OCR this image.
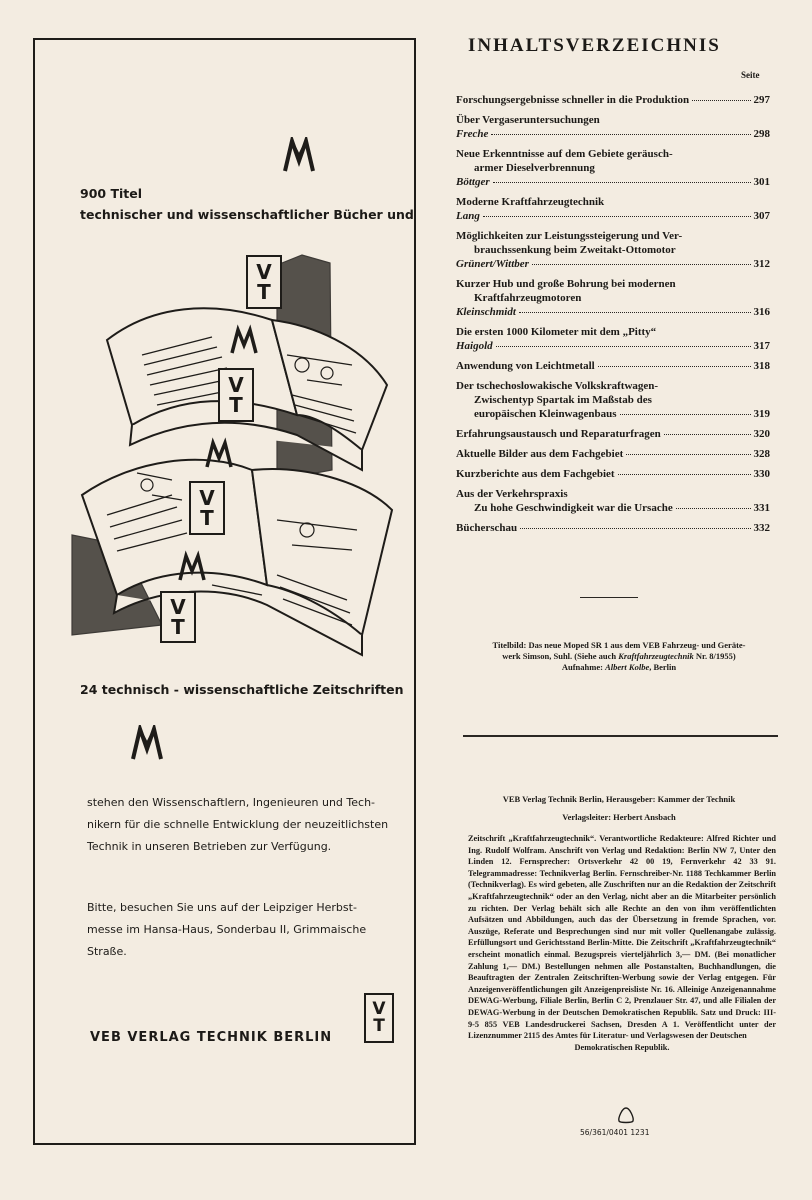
900 Titel
technischer und wissenschaftlicher Bücher und
V
T
V
T
V
T
V
T
24 technisch - wissenschaftliche Zeitschriften
stehen den Wissenschaftlern, Ingenieuren und Tech-
nikern für die schnelle Entwicklung der neuzeitlichsten
Technik in unseren Betrieben zur Verfügung.
Bitte, besuchen Sie uns auf der Leipziger Herbst-
messe im Hansa-Haus, Sonderbau II, Grimmaische
Straße.
VEB VERLAG TECHNIK BERLIN
V
T
INHALTSVERZEICHNIS
Seite
Forschungsergebnisse schneller in die Produktion	297
Über Vergaseruntersuchungen
Freche	298
Neue Erkenntnisse auf dem Gebiete geräusch-
armer Dieselverbrennung
Böttger	301
Moderne Kraftfahrzeugtechnik
Lang	307
Möglichkeiten zur Leistungssteigerung und Ver-
brauchssenkung beim Zweitakt-Ottomotor
Grünert/Wittber	312
Kurzer Hub und große Bohrung bei modernen
Kraftfahrzeugmotoren
Kleinschmidt	316
Die ersten 1000 Kilometer mit dem „Pitty“
Haigold	317
Anwendung von Leichtmetall	318
Der tschechoslowakische Volkskraftwagen-
Zwischentyp Spartak im Maßstab des
europäischen Kleinwagenbaus	319
Erfahrungsaustausch und Reparaturfragen	320
Aktuelle Bilder aus dem Fachgebiet	328
Kurzberichte aus dem Fachgebiet	330
Aus der Verkehrspraxis
Zu hohe Geschwindigkeit war die Ursache	331
Bücherschau	332
Titelbild: Das neue Moped SR 1 aus dem VEB Fahrzeug- und Geräte-
werk Simson, Suhl. (Siehe auch Kraftfahrzeugtechnik Nr. 8/1955)
Aufnahme: Albert Kolbe, Berlin
VEB Verlag Technik Berlin, Herausgeber: Kammer der Technik
Verlagsleiter: Herbert Ansbach
Zeitschrift „Kraftfahrzeugtechnik“. Verantwortliche Redakteure: Alfred Richter und Ing. Rudolf Wolfram. Anschrift von Verlag und Redaktion: Berlin NW 7, Unter den Linden 12. Fernsprecher: Ortsverkehr 42 00 19, Fernverkehr 42 33 91. Telegrammadresse: Technikverlag Berlin. Fernschreiber-Nr. 1188 Techkammer Berlin (Technikverlag). Es wird gebeten, alle Zuschriften nur an die Redaktion der Zeitschrift „Kraftfahrzeugtechnik“ oder an den Verlag, nicht aber an die Mitarbeiter persönlich zu richten. Der Verlag behält sich alle Rechte an den von ihm veröffentlichten Aufsätzen und Abbildungen, auch das der Übersetzung in fremde Sprachen, vor. Auszüge, Referate und Besprechungen sind nur mit voller Quellenangabe zulässig. Erfüllungsort und Gerichtsstand Berlin-Mitte. Die Zeitschrift „Kraftfahrzeugtechnik“ erscheint monatlich einmal. Bezugspreis vierteljährlich 3,— DM. (Bei monatlicher Zahlung 1,— DM.) Bestellungen nehmen alle Postanstalten, Buchhandlungen, die Beauftragten der Zentralen Zeitschriften-Werbung sowie der Verlag entgegen. Für Anzeigenveröffentlichungen gilt Anzeigenpreisliste Nr. 16. Alleinige Anzeigenannahme DEWAG-Werbung, Filiale Berlin, Berlin C 2, Prenzlauer Str. 47, und alle Filialen der DEWAG-Werbung in der Deutschen Demokratischen Republik. Satz und Druck: III-9-5 855 VEB Landesdruckerei Sachsen, Dresden A 1. Veröffentlicht unter der Lizenznummer 2115 des Amtes für Literatur- und Verlagswesen der Deutschen
Demokratischen Republik.
56/361/0401 1231
